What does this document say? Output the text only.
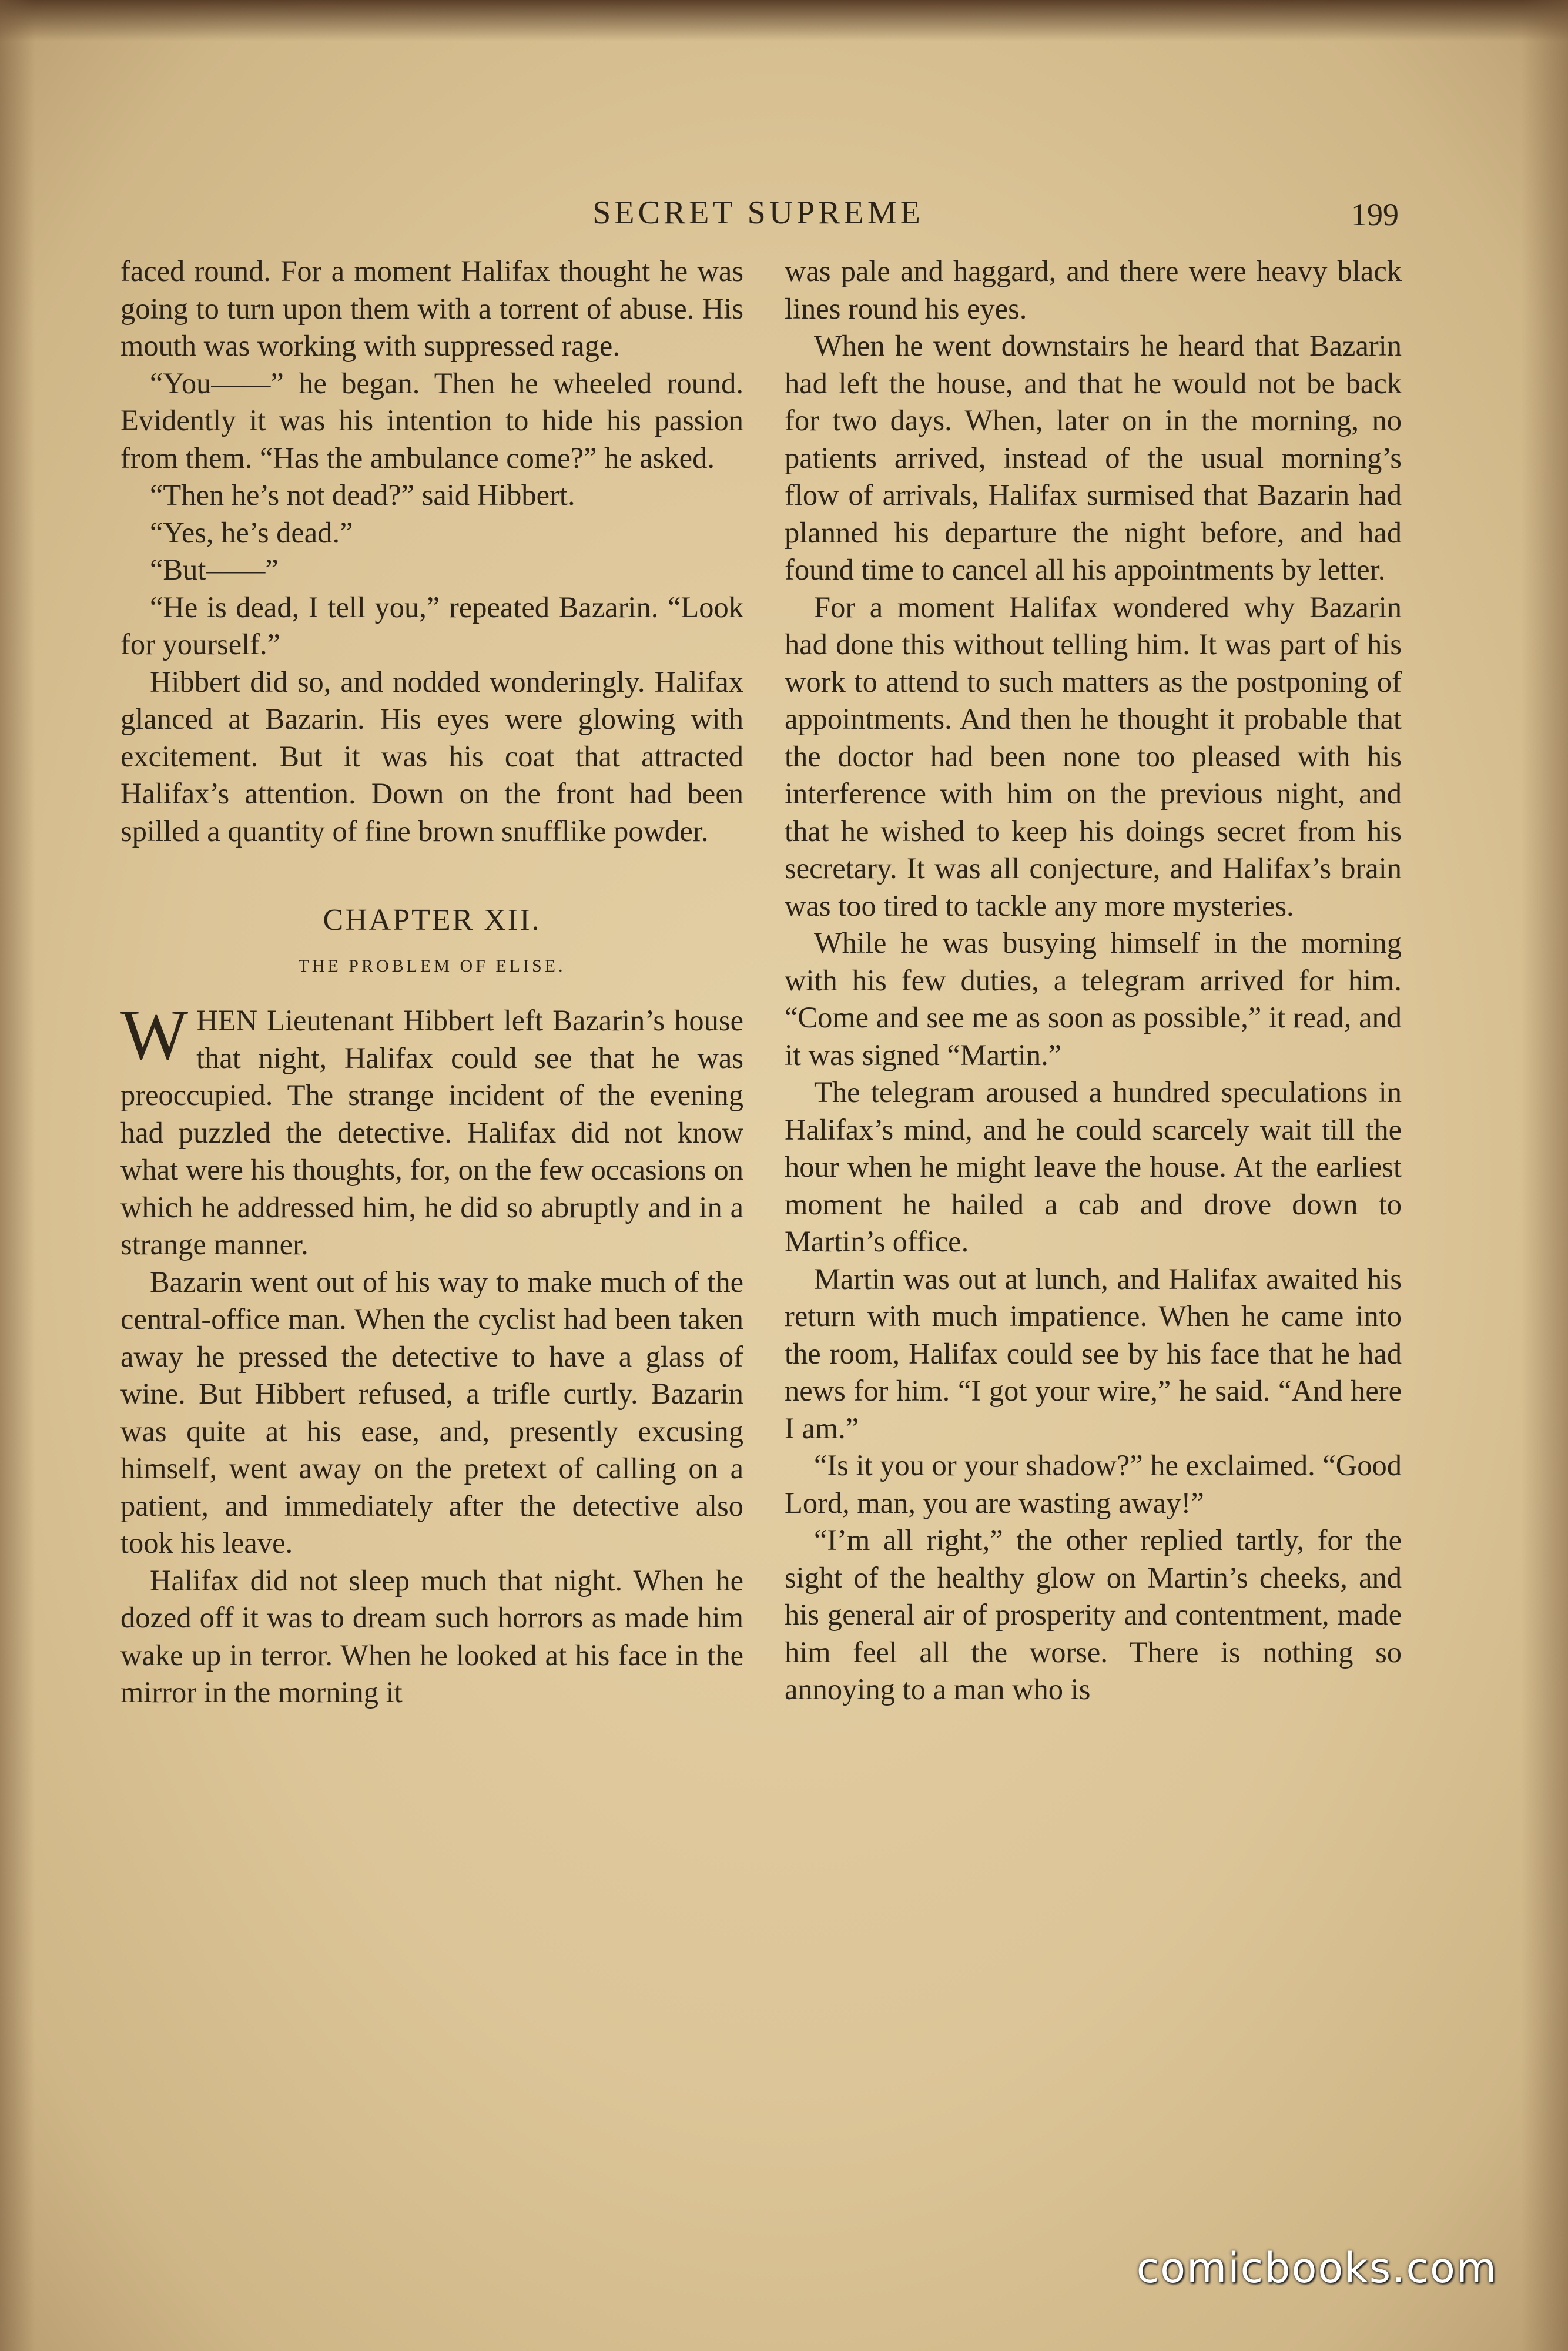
SECRET SUPREME	199

faced round. For a moment Halifax thought he was going to turn upon them with a torrent of abuse. His mouth was working with suppressed rage.

“You——” he began. Then he wheeled round. Evidently it was his intention to hide his passion from them. “Has the ambulance come?” he asked.

“Then he’s not dead?” said Hibbert.

“Yes, he’s dead.”

“But——”

“He is dead, I tell you,” repeated Bazarin. “Look for yourself.”

Hibbert did so, and nodded wonderingly. Halifax glanced at Bazarin. His eyes were glowing with excitement. But it was his coat that attracted Halifax’s attention. Down on the front had been spilled a quantity of fine brown snufflike powder.

CHAPTER XII.
THE PROBLEM OF ELISE.

WHEN Lieutenant Hibbert left Bazarin’s house that night, Halifax could see that he was preoccupied. The strange incident of the evening had puzzled the detective. Halifax did not know what were his thoughts, for, on the few occasions on which he addressed him, he did so abruptly and in a strange manner.

Bazarin went out of his way to make much of the central-office man. When the cyclist had been taken away he pressed the detective to have a glass of wine. But Hibbert refused, a trifle curtly. Bazarin was quite at his ease, and, presently excusing himself, went away on the pretext of calling on a patient, and immediately after the detective also took his leave.

Halifax did not sleep much that night. When he dozed off it was to dream such horrors as made him wake up in terror. When he looked at his face in the mirror in the morning it

was pale and haggard, and there were heavy black lines round his eyes.

When he went downstairs he heard that Bazarin had left the house, and that he would not be back for two days. When, later on in the morning, no patients arrived, instead of the usual morning’s flow of arrivals, Halifax surmised that Bazarin had planned his departure the night before, and had found time to cancel all his appointments by letter.

For a moment Halifax wondered why Bazarin had done this without telling him. It was part of his work to attend to such matters as the postponing of appointments. And then he thought it probable that the doctor had been none too pleased with his interference with him on the previous night, and that he wished to keep his doings secret from his secretary. It was all conjecture, and Halifax’s brain was too tired to tackle any more mysteries.

While he was busying himself in the morning with his few duties, a telegram arrived for him. “Come and see me as soon as possible,” it read, and it was signed “Martin.”

The telegram aroused a hundred speculations in Halifax’s mind, and he could scarcely wait till the hour when he might leave the house. At the earliest moment he hailed a cab and drove down to Martin’s office.

Martin was out at lunch, and Halifax awaited his return with much impatience. When he came into the room, Halifax could see by his face that he had news for him. “I got your wire,” he said. “And here I am.”

“Is it you or your shadow?” he exclaimed. “Good Lord, man, you are wasting away!”

“I’m all right,” the other replied tartly, for the sight of the healthy glow on Martin’s cheeks, and his general air of prosperity and contentment, made him feel all the worse. There is nothing so annoying to a man who is

comicbooks.com
